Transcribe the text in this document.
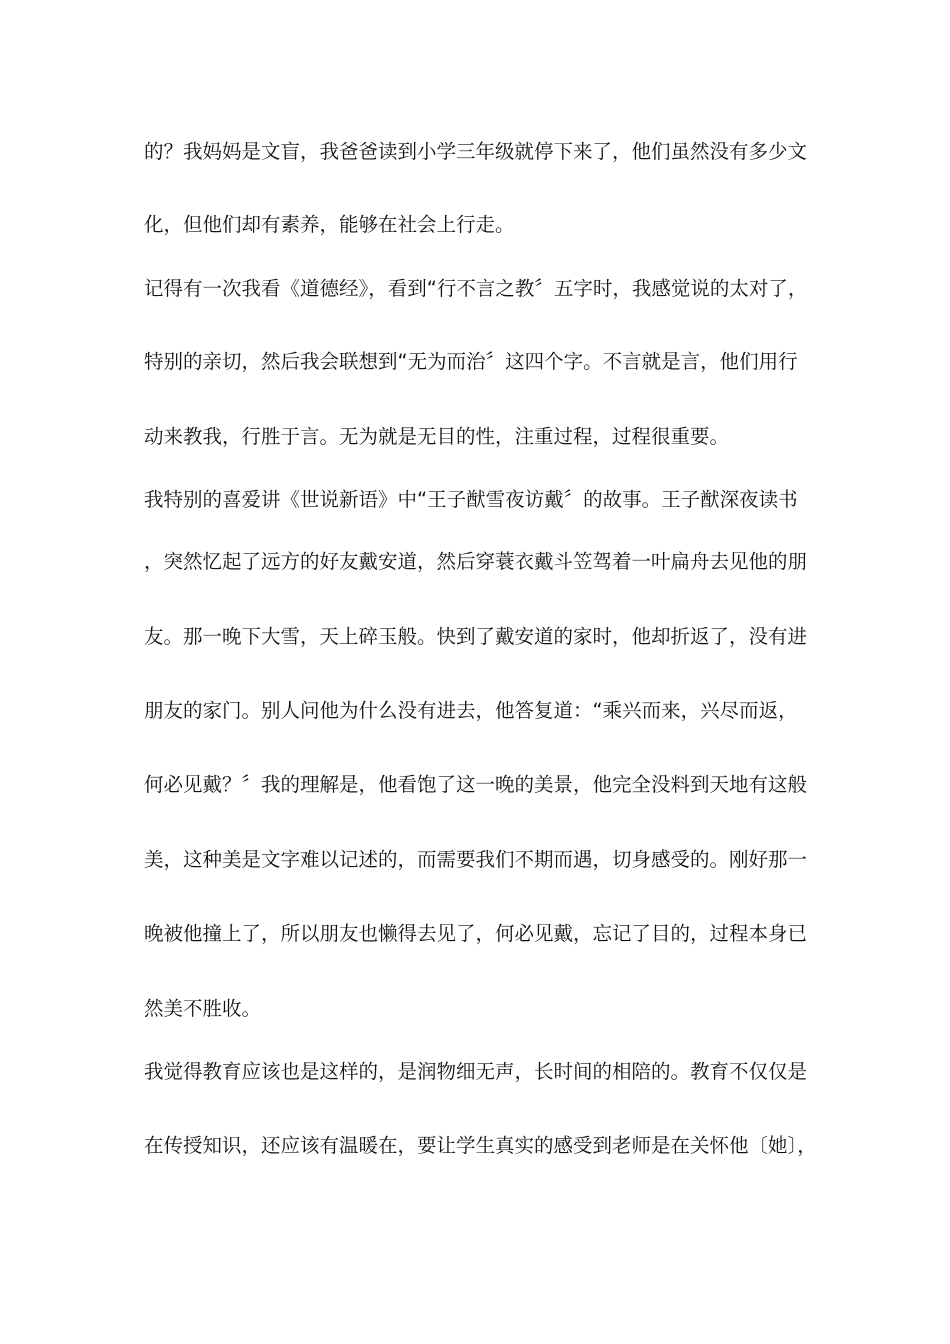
的？我妈妈是文盲，我爸爸读到小学三年级就停下来了，他们虽然没有多少文
化，但他们却有素养，能够在社会上行走。
记得有一次我看《道德经》，看到“行不言之教〞五字时，我感觉说的太对了，
特别的亲切，然后我会联想到“无为而治〞这四个字。不言就是言，他们用行
动来教我，行胜于言。无为就是无目的性，注重过程，过程很重要。
我特别的喜爱讲《世说新语》中“王子猷雪夜访戴〞的故事。王子猷深夜读书
，突然忆起了远方的好友戴安道，然后穿蓑衣戴斗笠驾着一叶扁舟去见他的朋
友。那一晚下大雪，天上碎玉般。快到了戴安道的家时，他却折返了，没有进
朋友的家门。别人问他为什么没有进去，他答复道：“乘兴而来，兴尽而返，
何必见戴？〞我的理解是，他看饱了这一晚的美景，他完全没料到天地有这般
美，这种美是文字难以记述的，而需要我们不期而遇，切身感受的。刚好那一
晚被他撞上了，所以朋友也懒得去见了，何必见戴，忘记了目的，过程本身已
然美不胜收。
我觉得教育应该也是这样的，是润物细无声，长时间的相陪的。教育不仅仅是
在传授知识，还应该有温暖在，要让学生真实的感受到老师是在关怀他〔她〕，
